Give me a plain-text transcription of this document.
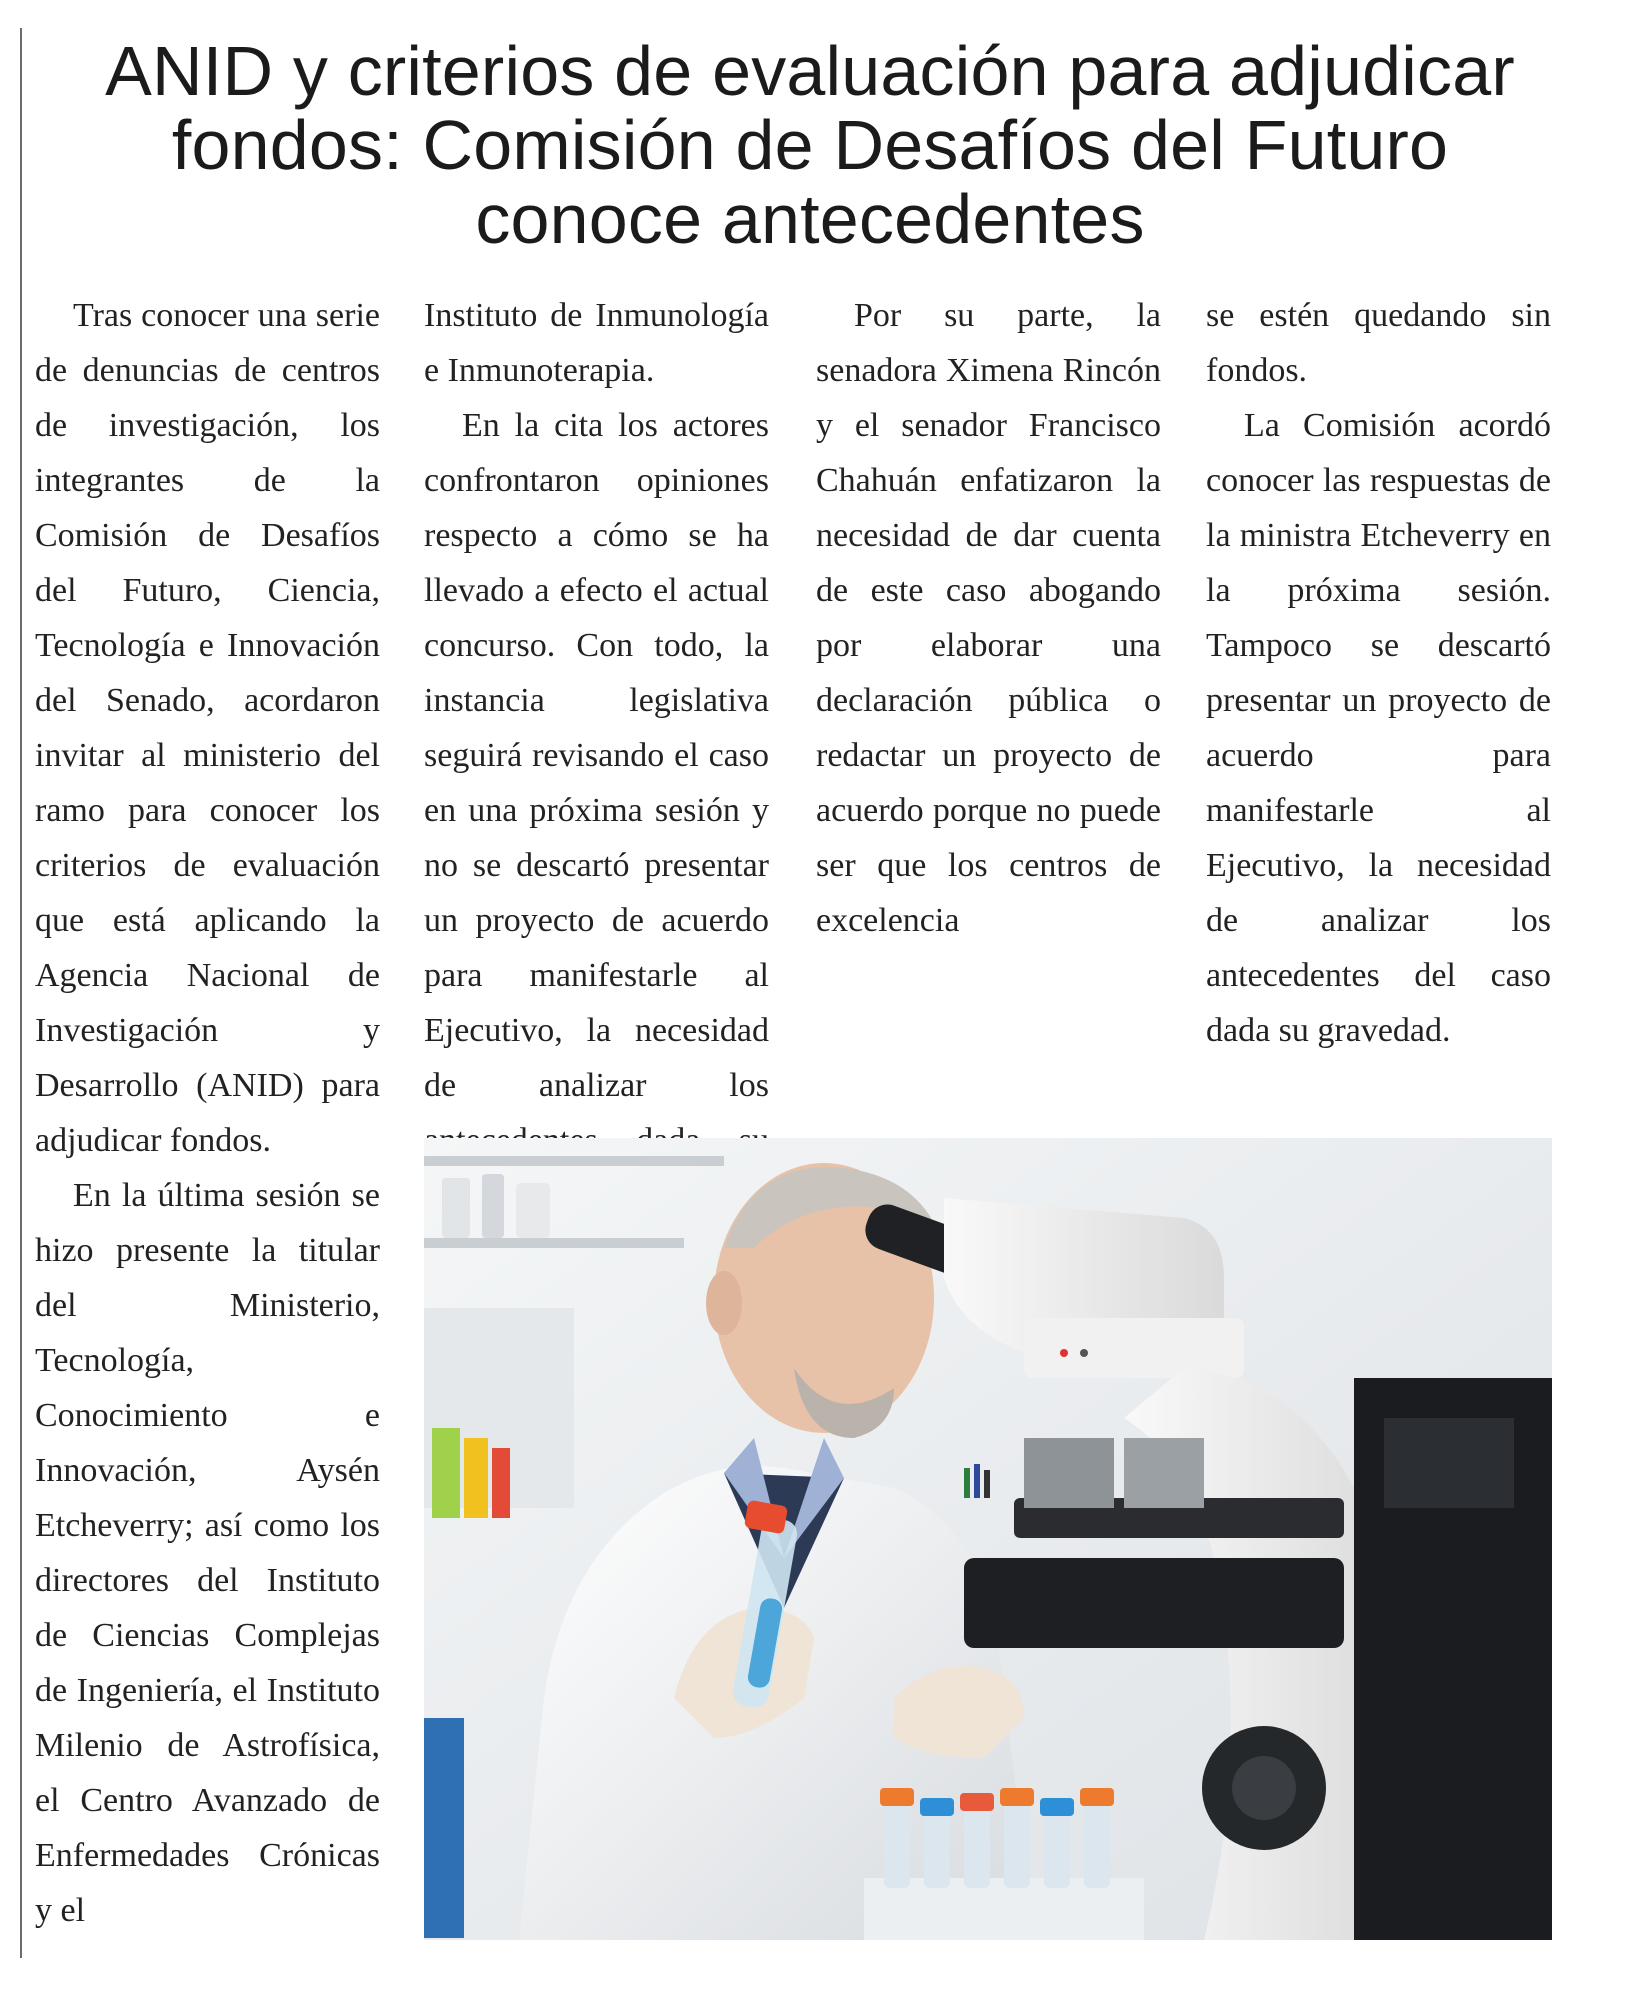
ANID y criterios de evaluación para adjudicar
fondos: Comisión de Desafíos del Futuro
conoce antecedentes

Tras conocer una serie de denuncias de centros de investigación, los integrantes de la Comisión de Desafíos del Futuro, Ciencia, Tecnología e Innovación del Senado, acordaron invitar al ministerio del ramo para conocer los criterios de evaluación que está aplicando la Agencia Nacional de Investigación y Desarrollo (ANID) para adjudicar fondos.

En la última sesión se hizo presente la titular del Ministerio, Tecnología, Conocimiento e Innovación, Aysén Etcheverry; así como los directores del Instituto de Ciencias Complejas de Ingeniería, el Instituto Milenio de Astrofísica, el Centro Avanzado de Enfermedades Crónicas y el

Instituto de Inmunología e Inmunoterapia.

En la cita los actores confrontaron opiniones respecto a cómo se ha llevado a efecto el actual concurso. Con todo, la instancia legislativa seguirá revisando el caso en una próxima sesión y no se descartó presentar un proyecto de acuerdo para manifestarle al Ejecutivo, la necesidad de analizar los

Por su parte, la senadora Ximena Rincón y el senador Francisco Chahuán enfatizaron la necesidad de dar cuenta de este caso abogando por elaborar una declaración pública o redactar un proyecto de acuerdo porque no puede ser que los centros de excelencia

se estén quedando sin fondos.

La Comisión acordó conocer las respuestas de la ministra Etcheverry en la próxima sesión. Tampoco se descartó presentar un proyecto de acuerdo para manifestarle al Ejecutivo, la necesidad de analizar los antecedentes del caso dada su gravedad.
